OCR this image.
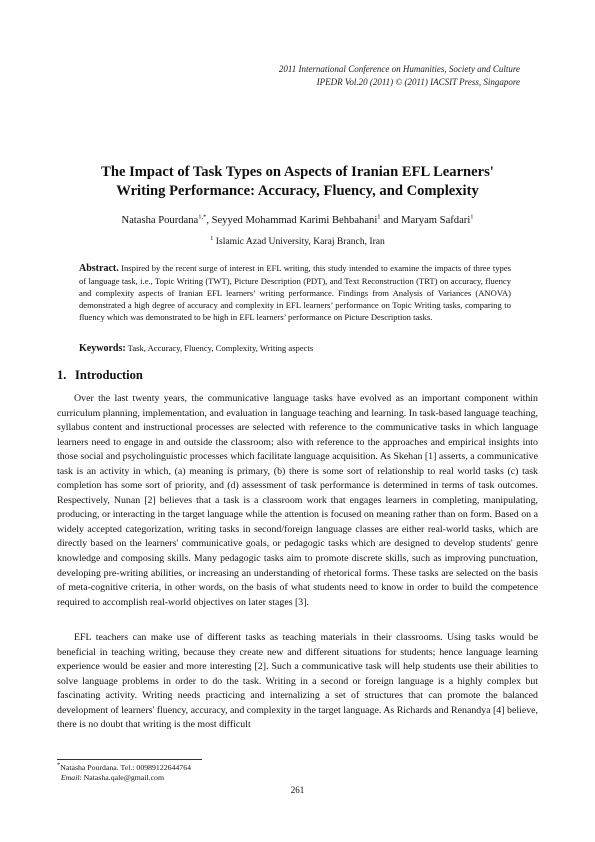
2011 International Conference on Humanities, Society and Culture
IPEDR Vol.20 (2011) © (2011) IACSIT Press, Singapore
The Impact of Task Types on Aspects of Iranian EFL Learners'
Writing Performance: Accuracy, Fluency, and Complexity
Natasha Pourdana$^{1,*}$, Seyyed Mohammad Karimi Behbahani$^1$ and Maryam Safdari$^1$
$^1$ Islamic Azad University, Karaj Branch, Iran
Abstract. Inspired by the recent surge of interest in EFL writing, this study intended to examine the impacts of three types of language task, i.e., Topic Writing (TWT), Picture Description (PDT), and Text Reconstruction (TRT) on accuracy, fluency and complexity aspects of Iranian EFL learners’ writing performance. Findings from Analysis of Variances (ANOVA) demonstrated a high degree of accuracy and complexity in EFL learners’ performance on Topic Writing tasks, comparing to fluency which was demonstrated to be high in EFL learners’ performance on Picture Description tasks.
Keywords: Task, Accuracy, Fluency, Complexity, Writing aspects
1. Introduction

Over the last twenty years, the communicative language tasks have evolved as an important component within curriculum planning, implementation, and evaluation in language teaching and learning. In task-based language teaching, syllabus content and instructional processes are selected with reference to the communicative tasks in which language learners need to engage in and outside the classroom; also with reference to the approaches and empirical insights into those social and psycholinguistic processes which facilitate language acquisition. As Skehan [1] asserts, a communicative task is an activity in which, (a) meaning is primary, (b) there is some sort of relationship to real world tasks (c) task completion has some sort of priority, and (d) assessment of task performance is determined in terms of task outcomes. Respectively, Nunan [2] believes that a task is a classroom work that engages learners in completing, manipulating, producing, or interacting in the target language while the attention is focused on meaning rather than on form. Based on a widely accepted categorization, writing tasks in second/foreign language classes are either real-world tasks, which are directly based on the learners' communicative goals, or pedagogic tasks which are designed to develop students' genre knowledge and composing skills. Many pedagogic tasks aim to promote discrete skills, such as improving punctuation, developing pre-writing abilities, or increasing an understanding of rhetorical forms. These tasks are selected on the basis of meta-cognitive criteria, in other words, on the basis of what students need to know in order to build the competence required to accomplish real-world objectives on later stages [3].

EFL teachers can make use of different tasks as teaching materials in their classrooms. Using tasks would be beneficial in teaching writing, because they create new and different situations for students; hence language learning experience would be easier and more interesting [2]. Such a communicative task will help students use their abilities to solve language problems in order to do the task. Writing in a second or foreign language is a highly complex but fascinating activity. Writing needs practicing and internalizing a set of structures that can promote the balanced development of learners' fluency, accuracy, and complexity in the target language. As Richards and Renandya [4] believe, there is no doubt that writing is the most difficult

*Natasha Pourdana. Tel.: 00989122644764
Email: Natasha.qale@gmail.com
261
